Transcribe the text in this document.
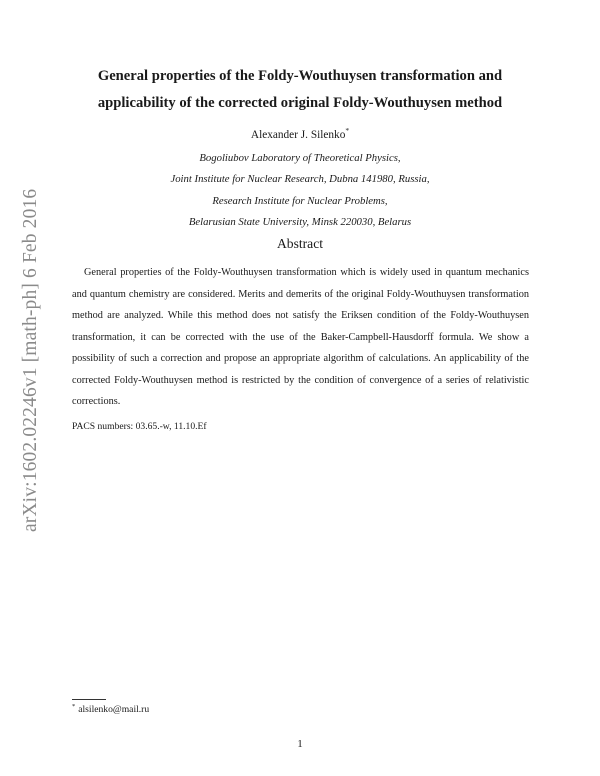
arXiv:1602.02246v1 [math-ph] 6 Feb 2016
General properties of the Foldy-Wouthuysen transformation and
applicability of the corrected original Foldy-Wouthuysen method
Alexander J. Silenko*
Bogoliubov Laboratory of Theoretical Physics,
Joint Institute for Nuclear Research, Dubna 141980, Russia,
Research Institute for Nuclear Problems,
Belarusian State University, Minsk 220030, Belarus
Abstract

General properties of the Foldy-Wouthuysen transformation which is widely used in quantum mechanics and quantum chemistry are considered. Merits and demerits of the original Foldy-Wouthuysen transformation method are analyzed. While this method does not satisfy the Eriksen condition of the Foldy-Wouthuysen transformation, it can be corrected with the use of the Baker-Campbell-Hausdorff formula. We show a possibility of such a correction and propose an appropriate algorithm of calculations. An applicability of the corrected Foldy-Wouthuysen method is restricted by the condition of convergence of a series of relativistic corrections.

PACS numbers: 03.65.-w, 11.10.Ef
* alsilenko@mail.ru
1
